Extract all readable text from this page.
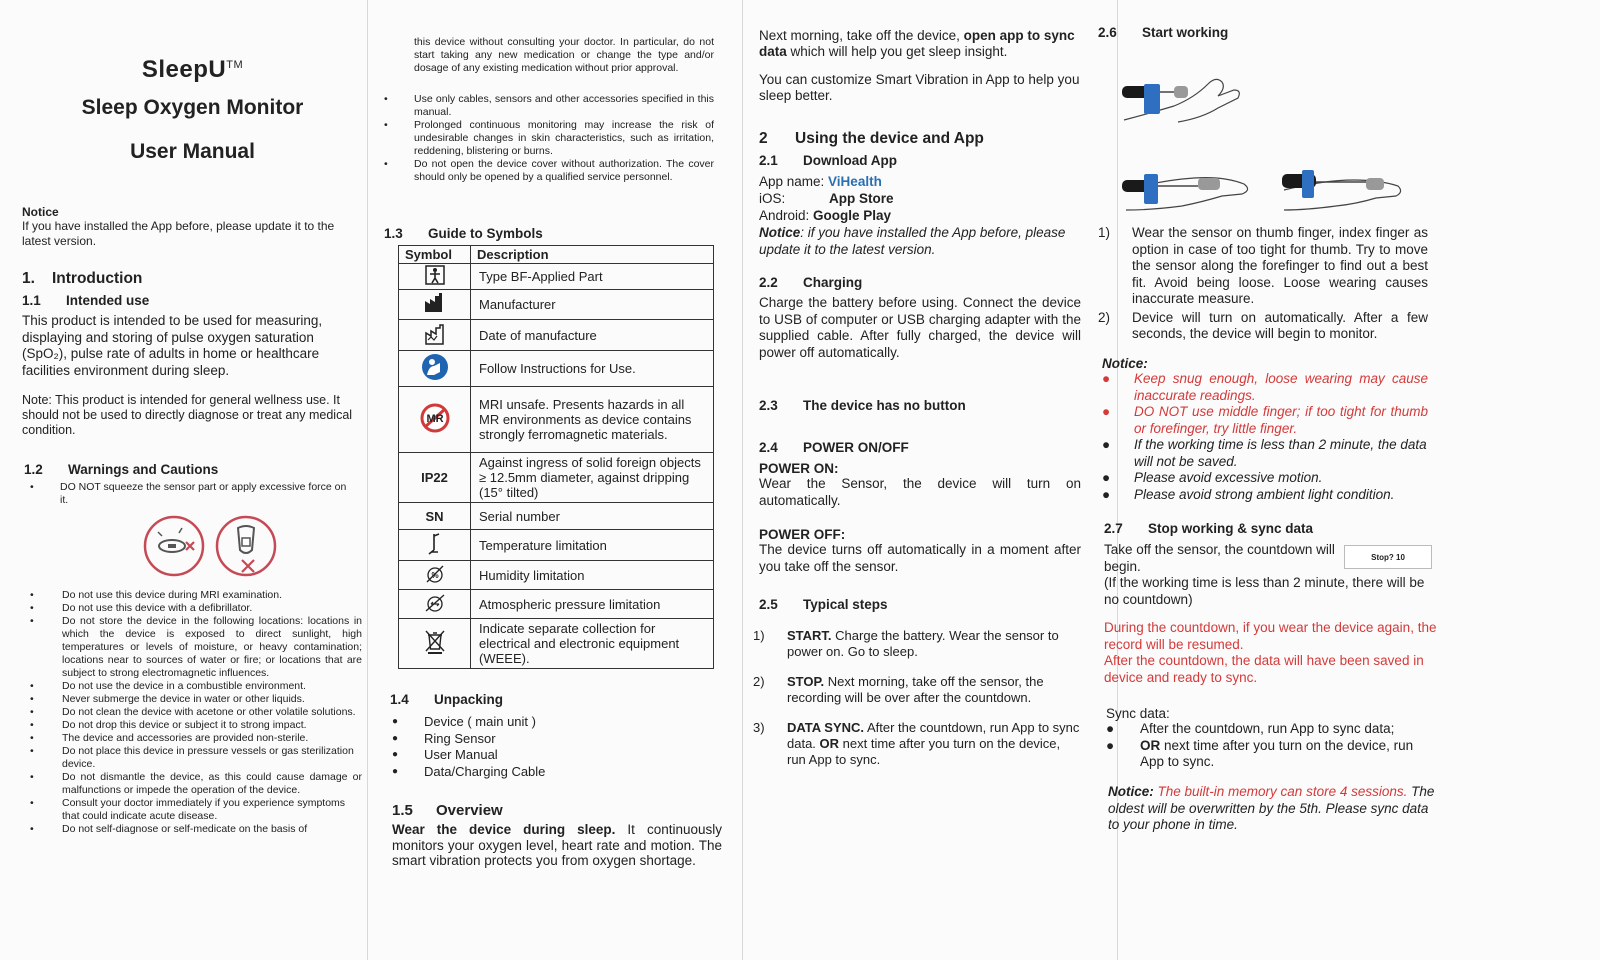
SleepU™
Sleep Oxygen Monitor
User Manual
Notice

If you have installed the App before, please update it to the latest version.

1. Introduction
1.1 Intended use

This product is intended to be used for measuring, displaying and storing of pulse oxygen saturation (SpO₂), pulse rate of adults in home or healthcare facilities environment during sleep.

Note: This product is intended for general wellness use. It should not be used to directly diagnose or treat any medical condition.

1.2 Warnings and Cautions
• DO NOT squeeze the sensor part or apply excessive force on it.
• Do not use this device during MRI examination.
• Do not use this device with a defibrillator.
• Do not store the device in the following locations: locations in which the device is exposed to direct sunlight, high temperatures or levels of moisture, or heavy contamination; locations near to sources of water or fire; or locations that are subject to strong electromagnetic influences.
• Do not use the device in a combustible environment.
• Never submerge the device in water or other liquids.
• Do not clean the device with acetone or other volatile solutions.
• Do not drop this device or subject it to strong impact.
• The device and accessories are provided non-sterile.
• Do not place this device in pressure vessels or gas sterilization device.
• Do not dismantle the device, as this could cause damage or malfunctions or impede the operation of the device.
• Consult your doctor immediately if you experience symptoms that could indicate acute disease.
• Do not self-diagnose or self-medicate on the basis of

this device without consulting your doctor. In particular, do not start taking any new medication or change the type and/or dosage of any existing medication without prior approval.

• Use only cables, sensors and other accessories specified in this manual.
• Prolonged continuous monitoring may increase the risk of undesirable changes in skin characteristics, such as irritation, reddening, blistering or burns.
• Do not open the device cover without authorization. The cover should only be opened by a qualified service personnel.
1.3 Guide to Symbols
Symbol	Description
	Type BF-Applied Part
	Manufacturer
	Date of manufacture
	Follow Instructions for Use.

MR	MRI unsafe. Presents hazards in all MR environments as device contains strongly ferromagnetic materials.
IP22	Against ingress of solid foreign objects ≥ 12.5mm diameter, against dripping (15° tilted)
SN	Serial number
	Temperature limitation

%	Humidity limitation
	Atmospheric pressure limitation
	Indicate separate collection for electrical and electronic equipment (WEEE).
1.4 Unpacking
● Device ( main unit )
● Ring Sensor
● User Manual
● Data/Charging Cable
1.5 Overview

Wear the device during sleep. It continuously monitors your oxygen level, heart rate and motion. The smart vibration protects you from oxygen shortage.

Next morning, take off the device, open app to sync data which will help you get sleep insight.

You can customize Smart Vibration in App to help you sleep better.

2 Using the device and App
2.1 Download App
App name: ViHealth
iOS:	App Store
Android: Google Play
Notice: if you have installed the App before, please update it to the latest version.
2.2 Charging

Charge the battery before using. Connect the device to USB of computer or USB charging adapter with the supplied cable. After fully charged, the device will power off automatically.

2.3 The device has no button
2.4 POWER ON/OFF
POWER ON:

Wear the Sensor, the device will turn on automatically.

POWER OFF:

The device turns off automatically in a moment after you take off the sensor.

2.5 Typical steps
1) START. Charge the battery. Wear the sensor to power on. Go to sleep.
2) STOP. Next morning, take off the sensor, the recording will be over after the countdown.
3) DATA SYNC. After the countdown, run App to sync data. OR next time after you turn on the device, run App to sync.
2.6 Start working
1) Wear the sensor on thumb finger, index finger as option in case of too tight for thumb. Try to move the sensor along the forefinger to find out a best fit. Avoid being loose. Loose wearing causes inaccurate measure.
2) Device will turn on automatically. After a few seconds, the device will begin to monitor.
Notice:
● Keep snug enough, loose wearing may cause inaccurate readings.
● DO NOT use middle finger; if too tight for thumb or forefinger, try little finger.
● If the working time is less than 2 minute, the data will not be saved.
● Please avoid excessive motion.
● Please avoid strong ambient light condition.
2.7 Stop working & sync data

Take off the sensor, the countdown will begin.

Stop? 10

(If the working time is less than 2 minute, there will be no countdown)

During the countdown, if you wear the device again, the record will be resumed.

After the countdown, the data will have been saved in device and ready to sync.

Sync data:
● After the countdown, run App to sync data;
● OR next time after you turn on the device, run App to sync.

Notice: The built-in memory can store 4 sessions. The oldest will be overwritten by the 5th. Please sync data to your phone in time.
